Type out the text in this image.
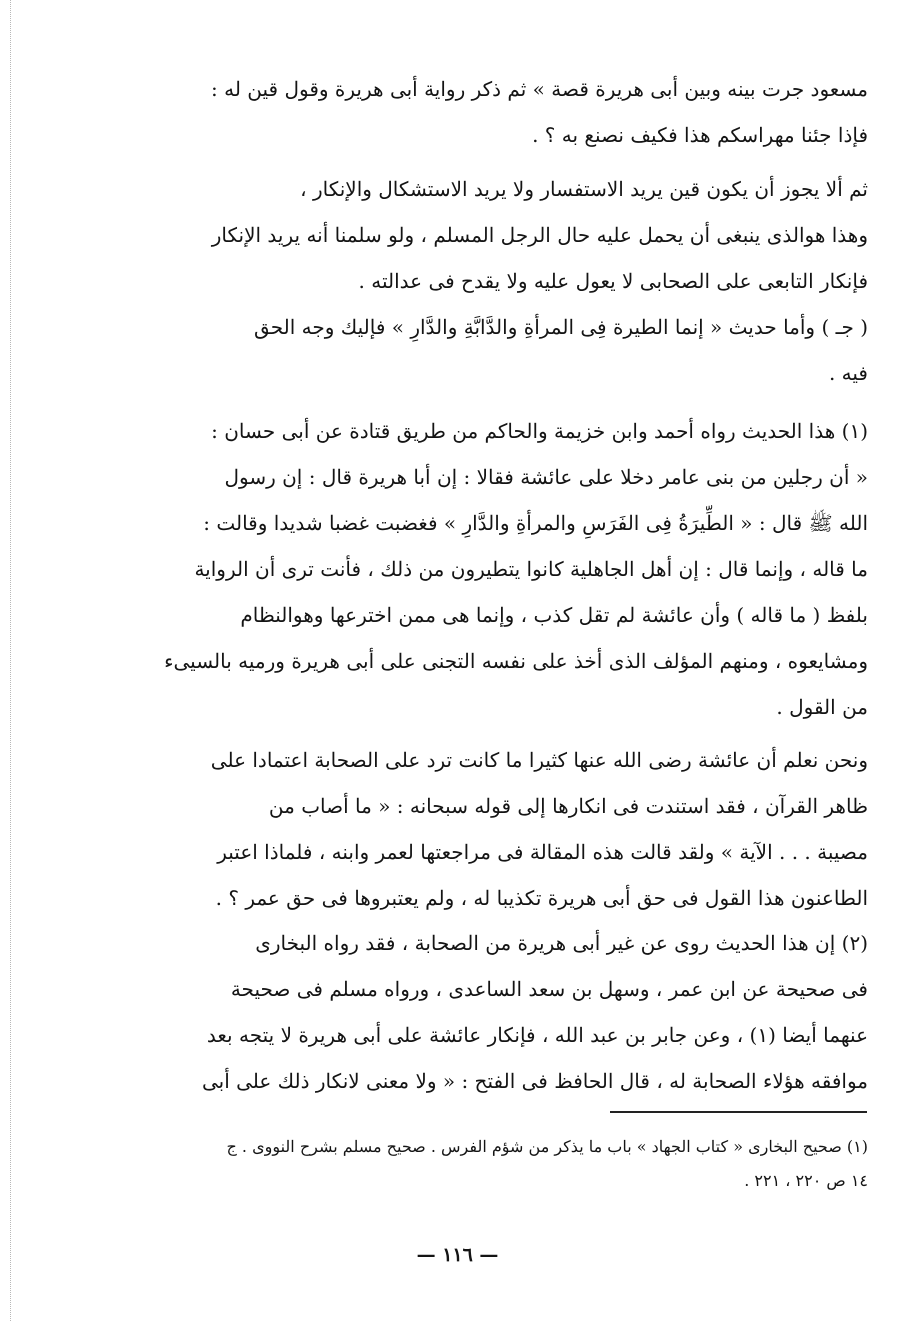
مسعود جرت بينه وبين أبى هريرة قصة » ثم ذكر رواية أبى هريرة وقول قين له :
فإذا جئنا مهراسكم هذا فكيف نصنع به ؟ .
ثم ألا يجوز أن يكون قين يريد الاستفسار ولا يريد الاستشكال والإنكار ،
وهذا هوالذى ينبغى أن يحمل عليه حال الرجل المسلم ، ولو سلمنا أنه يريد الإنكار
فإنكار التابعى على الصحابى لا يعول عليه ولا يقدح فى عدالته .
( جـ ) وأما حديث « إنما الطيرة فِى المرأةِ والدَّابَّةِ والدَّارِ » فإليك وجه الحق
فيه .
(١) هذا الحديث رواه أحمد وابن خزيمة والحاكم من طريق قتادة عن أبى حسان :
« أن رجلين من بنى عامر دخلا على عائشة فقالا : إن أبا هريرة قال : إن رسول
الله ﷺ قال : « الطِّيرَةُ فِى الفَرَسِ والمرأةِ والدَّارِ » فغضبت غضبا شديدا وقالت :
ما قاله ، وإنما قال : إن أهل الجاهلية كانوا يتطيرون من ذلك ، فأنت ترى أن الرواية
بلفظ ( ما قاله ) وأن عائشة لم تقل كذب ، وإنما هى ممن اخترعها وهوالنظام
ومشايعوه ، ومنهم المؤلف الذى أخذ على نفسه التجنى على أبى هريرة ورميه بالسيىء
من القول .
ونحن نعلم أن عائشة رضى الله عنها كثيرا ما كانت ترد على الصحابة اعتمادا على
ظاهر القرآن ، فقد استندت فى انكارها إلى قوله سبحانه : « ما أصاب من
مصيبة . . . الآية » ولقد قالت هذه المقالة فى مراجعتها لعمر وابنه ، فلماذا اعتبر
الطاعنون هذا القول فى حق أبى هريرة تكذيبا له ، ولم يعتبروها فى حق عمر ؟ .
(٢) إن هذا الحديث روى عن غير أبى هريرة من الصحابة ، فقد رواه البخارى
فى صحيحة عن ابن عمر ، وسهل بن سعد الساعدى ، ورواه مسلم فى صحيحة
عنهما أيضا (١) ، وعن جابر بن عبد الله ، فإنكار عائشة على أبى هريرة لا يتجه بعد
موافقه هؤلاء الصحابة له ، قال الحافظ فى الفتح : « ولا معنى لانكار ذلك على أبى
(١) صحيح البخارى « كتاب الجهاد » باب ما يذكر من شؤم الفرس . صحيح مسلم بشرح النووى . ج
١٤ ص ٢٢٠ ، ٢٢١ .
— ١١٦ —
